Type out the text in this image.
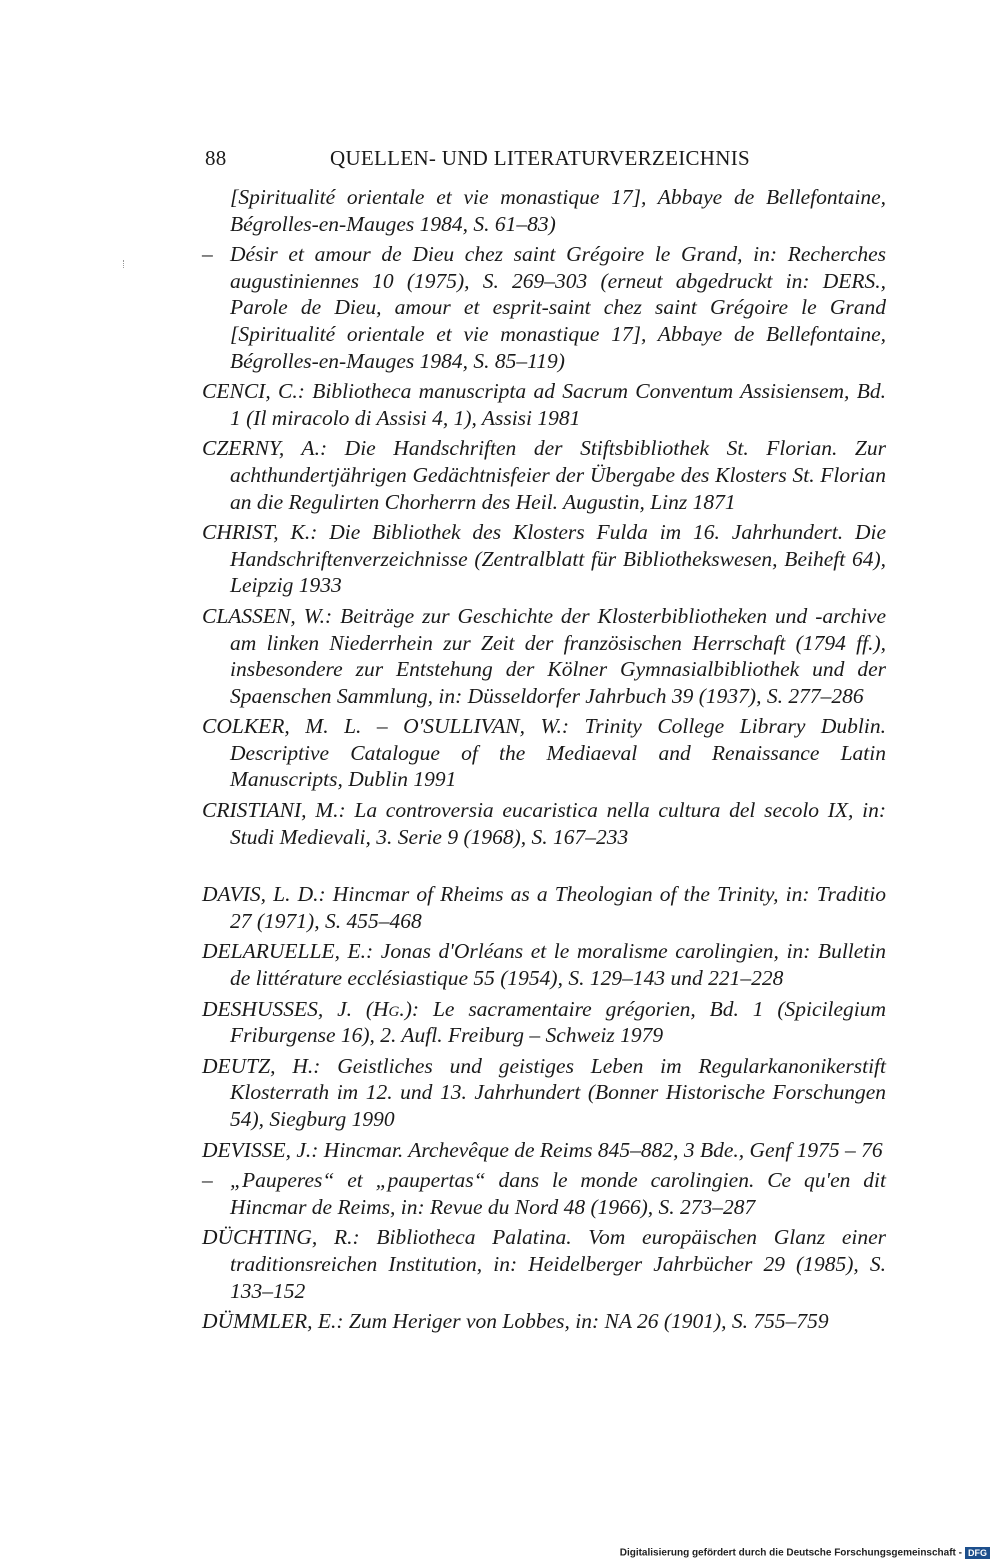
88	QUELLEN- UND LITERATURVERZEICHNIS

[Spiritualité orientale et vie monastique 17], Abbaye de Bellefontaine, Bégrolles-en-Mauges 1984, S. 61–83)

– Désir et amour de Dieu chez saint Grégoire le Grand, in: Recherches augustiniennes 10 (1975), S. 269–303 (erneut abgedruckt in: DERS., Parole de Dieu, amour et esprit-saint chez saint Grégoire le Grand [Spiritualité orientale et vie monastique 17], Abbaye de Bellefontaine, Bégrolles-en-Mauges 1984, S. 85–119)

CENCI, C.: Bibliotheca manuscripta ad Sacrum Conventum Assisiensem, Bd. 1 (Il miracolo di Assisi 4, 1), Assisi 1981

CZERNY, A.: Die Handschriften der Stiftsbibliothek St. Florian. Zur achthundertjährigen Gedächtnisfeier der Übergabe des Klosters St. Florian an die Regulirten Chorherrn des Heil. Augustin, Linz 1871

CHRIST, K.: Die Bibliothek des Klosters Fulda im 16. Jahrhundert. Die Handschriftenverzeichnisse (Zentralblatt für Bibliothekswesen, Beiheft 64), Leipzig 1933

CLASSEN, W.: Beiträge zur Geschichte der Klosterbibliotheken und -archive am linken Niederrhein zur Zeit der französischen Herrschaft (1794 ff.), insbesondere zur Entstehung der Kölner Gymnasialbibliothek und der Spaenschen Sammlung, in: Düsseldorfer Jahrbuch 39 (1937), S. 277–286

COLKER, M. L. – O'SULLIVAN, W.: Trinity College Library Dublin. Descriptive Catalogue of the Mediaeval and Renaissance Latin Manuscripts, Dublin 1991

CRISTIANI, M.: La controversia eucaristica nella cultura del secolo IX, in: Studi Medievali, 3. Serie 9 (1968), S. 167–233

DAVIS, L. D.: Hincmar of Rheims as a Theologian of the Trinity, in: Traditio 27 (1971), S. 455–468

DELARUELLE, E.: Jonas d'Orléans et le moralisme carolingien, in: Bulletin de littérature ecclésiastique 55 (1954), S. 129–143 und 221–228

DESHUSSES, J. (Hg.): Le sacramentaire grégorien, Bd. 1 (Spicilegium Friburgense 16), 2. Aufl. Freiburg – Schweiz 1979

DEUTZ, H.: Geistliches und geistiges Leben im Regularkanonikerstift Klosterrath im 12. und 13. Jahrhundert (Bonner Historische Forschungen 54), Siegburg 1990

DEVISSE, J.: Hincmar. Archevêque de Reims 845–882, 3 Bde., Genf 1975 – 76

– „Pauperes“ et „paupertas“ dans le monde carolingien. Ce qu'en dit Hincmar de Reims, in: Revue du Nord 48 (1966), S. 273–287

DÜCHTING, R.: Bibliotheca Palatina. Vom europäischen Glanz einer traditionsreichen Institution, in: Heidelberger Jahrbücher 29 (1985), S. 133–152

DÜMMLER, E.: Zum Heriger von Lobbes, in: NA 26 (1901), S. 755–759

Digitalisierung gefördert durch die Deutsche Forschungsgemeinschaft - DFG
